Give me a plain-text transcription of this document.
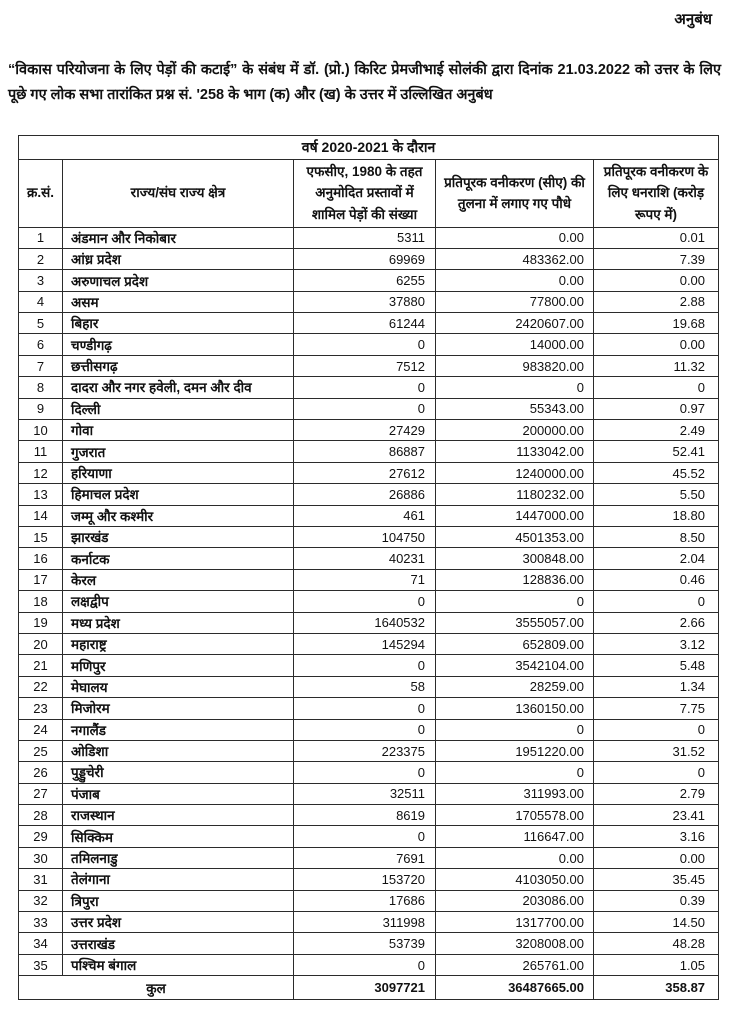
अनुबंध

“विकास परियोजना के लिए पेड़ों की कटाई” के संबंध में डॉ. (प्रो.) किरिट प्रेमजीभाई सोलंकी द्वारा दिनांक 21.03.2022 को उत्तर के लिए पूछे गए लोक सभा तारांकित प्रश्न सं. '258 के भाग (क) और (ख) के उत्तर में उल्लिखित अनुबंध

वर्ष 2020-2021 के दौरान				
क्र.सं.	राज्य/संघ राज्य क्षेत्र	एफसीए, 1980 के तहत अनुमोदित प्रस्तावों में शामिल पेड़ों की संख्या	प्रतिपूरक वनीकरण (सीए) की तुलना में लगाए गए पौधे	प्रतिपूरक वनीकरण के लिए धनराशि (करोड़ रूपए में)
1	अंडमान और निकोबार	5311	0.00	0.01
2	आंध्र प्रदेश	69969	483362.00	7.39
3	अरुणाचल प्रदेश	6255	0.00	0.00
4	असम	37880	77800.00	2.88
5	बिहार	61244	2420607.00	19.68
6	चण्डीगढ़	0	14000.00	0.00
7	छत्तीसगढ़	7512	983820.00	11.32
8	दादरा और नगर हवेली, दमन और दीव	0	0	0
9	दिल्ली	0	55343.00	0.97
10	गोवा	27429	200000.00	2.49
11	गुजरात	86887	1133042.00	52.41
12	हरियाणा	27612	1240000.00	45.52
13	हिमाचल प्रदेश	26886	1180232.00	5.50
14	जम्मू और कश्मीर	461	1447000.00	18.80
15	झारखंड	104750	4501353.00	8.50
16	कर्नाटक	40231	300848.00	2.04
17	केरल	71	128836.00	0.46
18	लक्षद्वीप	0	0	0
19	मध्य प्रदेश	1640532	3555057.00	2.66
20	महाराष्ट्र	145294	652809.00	3.12
21	मणिपुर	0	3542104.00	5.48
22	मेघालय	58	28259.00	1.34
23	मिजोरम	0	1360150.00	7.75
24	नगालैंड	0	0	0
25	ओडिशा	223375	1951220.00	31.52
26	पुड्डुचेरी	0	0	0
27	पंजाब	32511	311993.00	2.79
28	राजस्थान	8619	1705578.00	23.41
29	सिक्किम	0	116647.00	3.16
30	तमिलनाडु	7691	0.00	0.00
31	तेलंगाना	153720	4103050.00	35.45
32	त्रिपुरा	17686	203086.00	0.39
33	उत्तर प्रदेश	311998	1317700.00	14.50
34	उत्तराखंड	53739	3208008.00	48.28
35	पश्चिम बंगाल	0	265761.00	1.05
कुल		3097721	36487665.00	358.87
